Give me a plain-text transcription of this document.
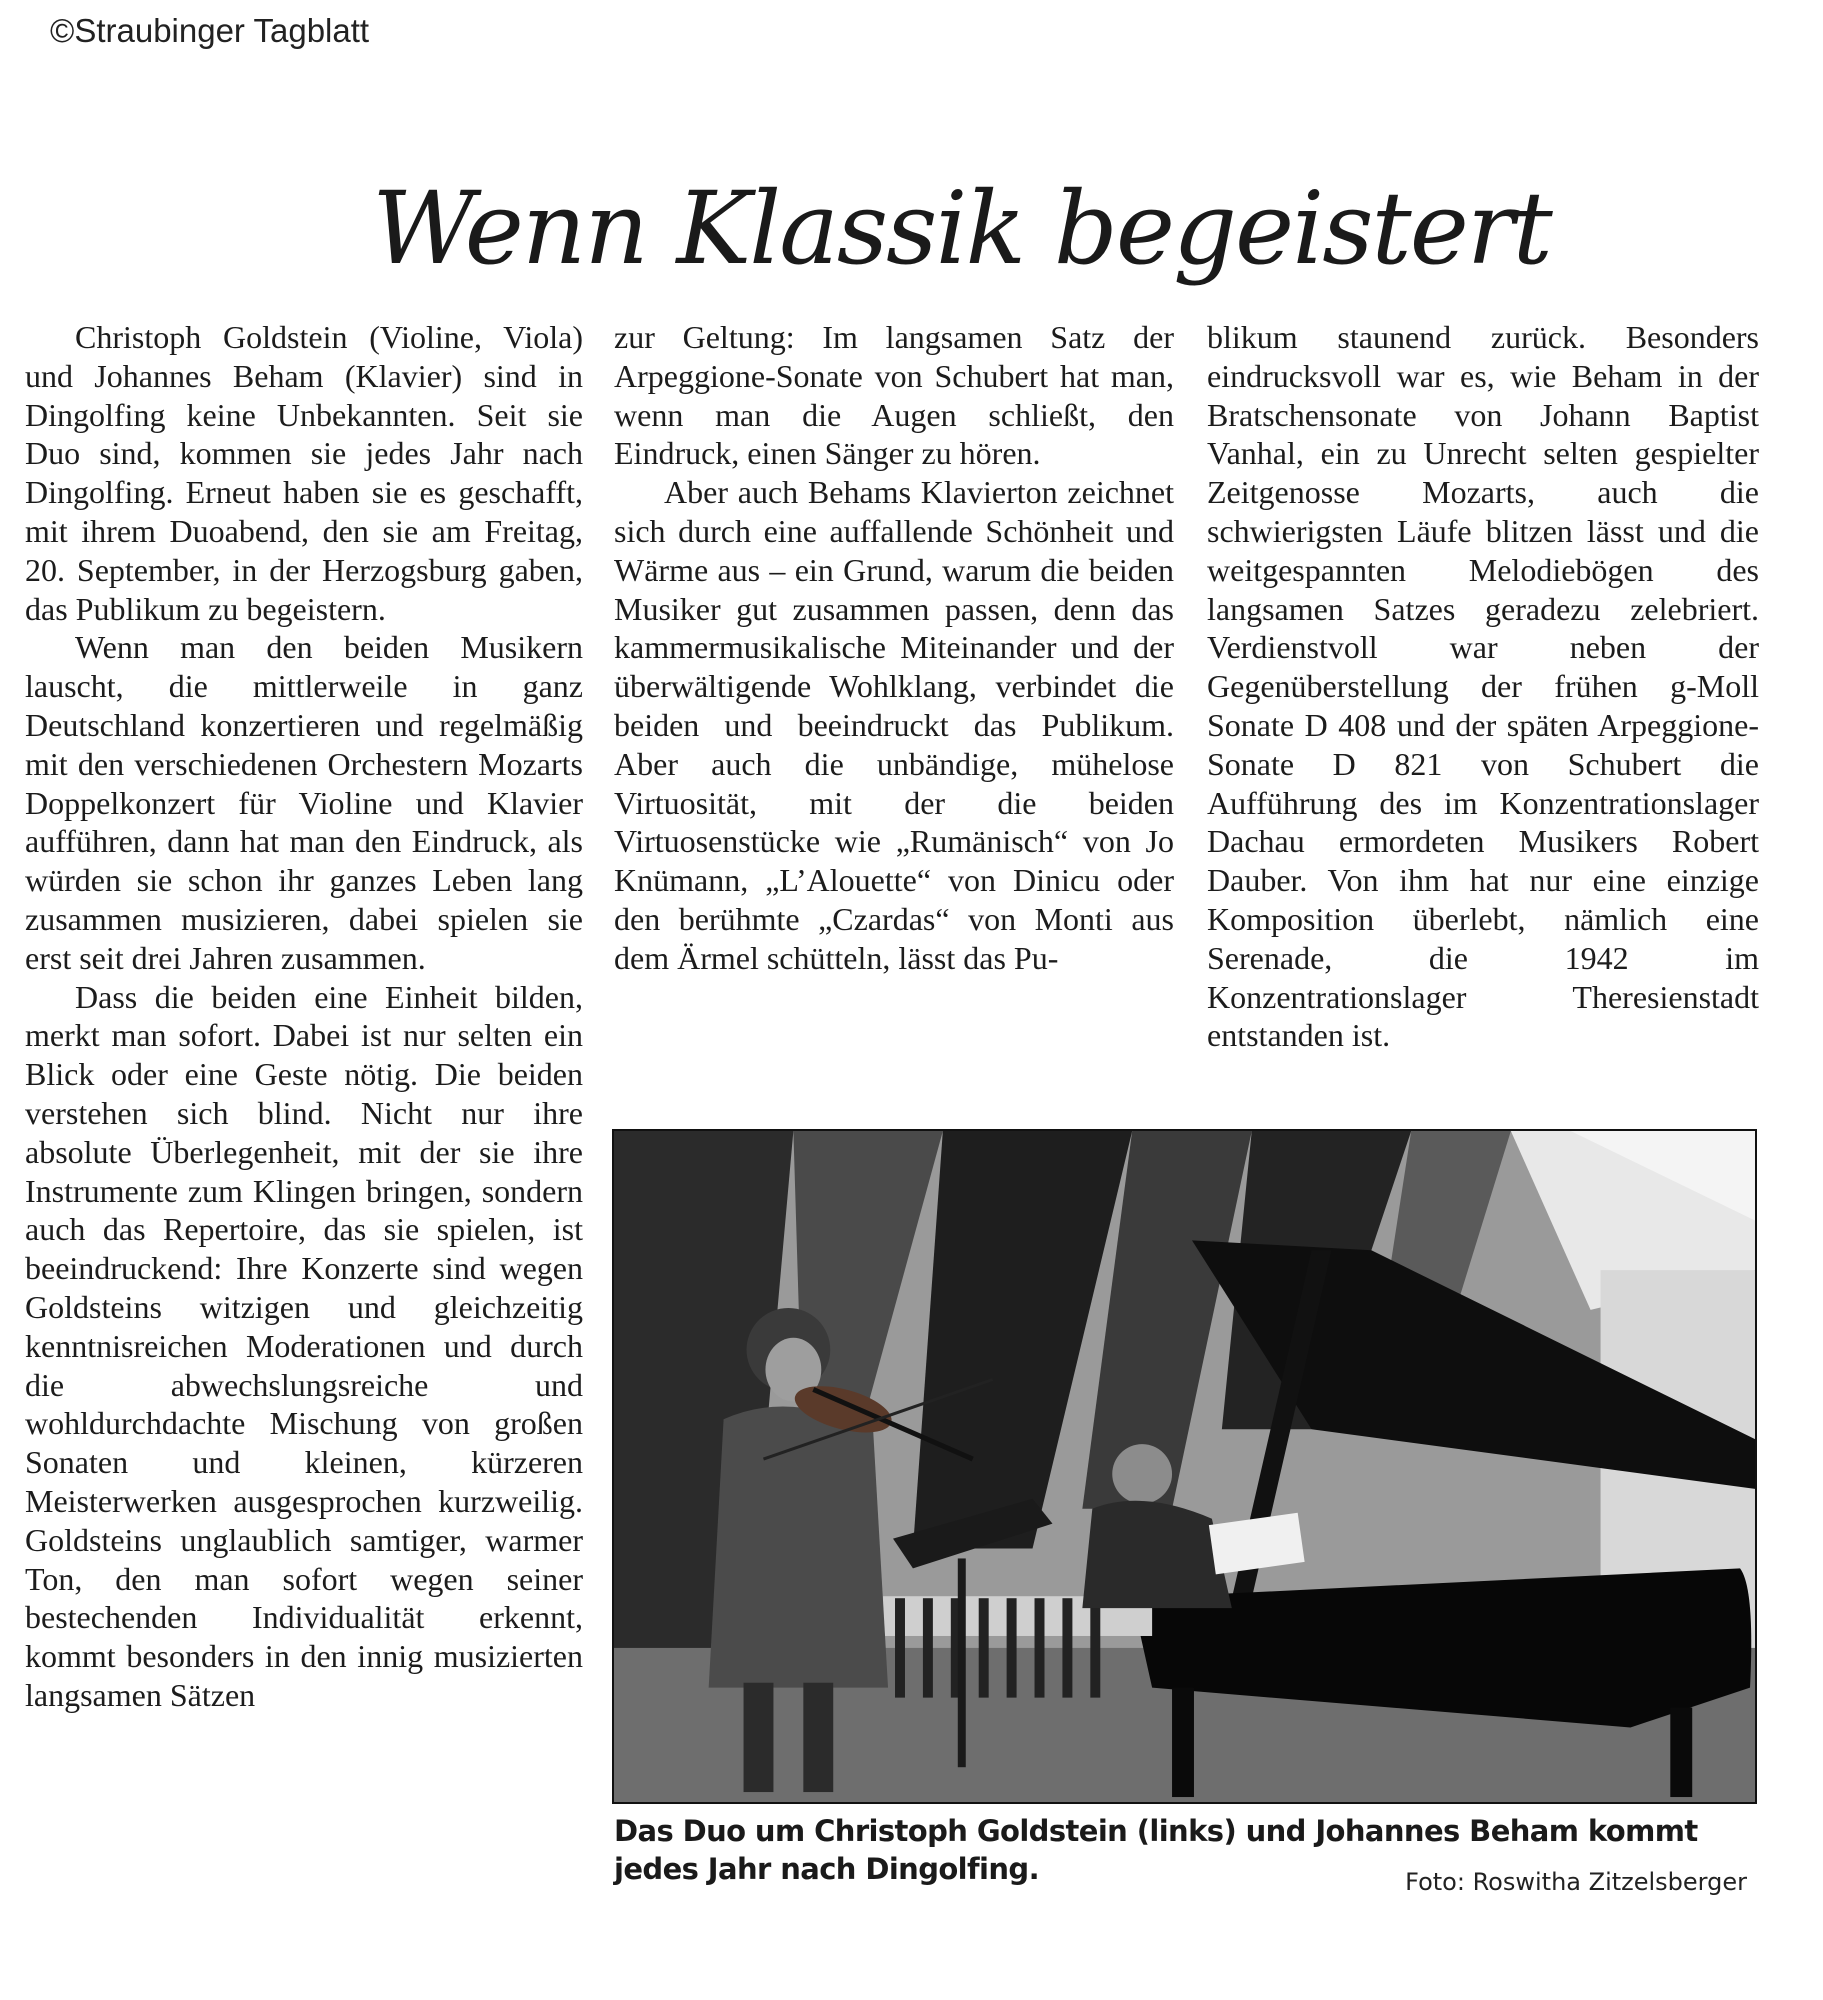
©Straubinger Tagblatt

Wenn Klassik begeistert

Christoph Goldstein (Violine, Viola) und Johannes Beham (Klavier) sind in Dingolfing keine Unbekannten. Seit sie Duo sind, kommen sie jedes Jahr nach Dingolfing. Erneut haben sie es geschafft, mit ihrem Duoabend, den sie am Freitag, 20. September, in der Herzogsburg gaben, das Publikum zu begeistern.

Wenn man den beiden Musikern lauscht, die mittlerweile in ganz Deutschland konzertieren und regelmäßig mit den verschiedenen Orchestern Mozarts Doppelkonzert für Violine und Klavier aufführen, dann hat man den Eindruck, als würden sie schon ihr ganzes Leben lang zusammen musizieren, dabei spielen sie erst seit drei Jahren zusammen.

Dass die beiden eine Einheit bilden, merkt man sofort. Dabei ist nur selten ein Blick oder eine Geste nötig. Die beiden verstehen sich blind. Nicht nur ihre absolute Überlegenheit, mit der sie ihre Instrumente zum Klingen bringen, sondern auch das Repertoire, das sie spielen, ist beeindruckend: Ihre Konzerte sind wegen Goldsteins witzigen und gleichzeitig kenntnisreichen Moderationen und durch die abwechslungsreiche und wohldurchdachte Mischung von großen Sonaten und kleinen, kürzeren Meisterwerken ausgesprochen kurzweilig. Goldsteins unglaublich samtiger, warmer Ton, den man sofort wegen seiner bestechenden Individualität erkennt, kommt besonders in den innig musizierten langsamen Sätzen

zur Geltung: Im langsamen Satz der Arpeggione-Sonate von Schubert hat man, wenn man die Augen schließt, den Eindruck, einen Sänger zu hören.

Aber auch Behams Klavierton zeichnet sich durch eine auffallende Schönheit und Wärme aus – ein Grund, warum die beiden Musiker gut zusammen passen, denn das kammermusikalische Miteinander und der überwältigende Wohlklang, verbindet die beiden und beeindruckt das Publikum. Aber auch die unbändige, mühelose Virtuosität, mit der die beiden Virtuosenstücke wie „Rumänisch“ von Jo Knümann, „L’Alouette“ von Dinicu oder den berühmte „Czardas“ von Monti aus dem Ärmel schütteln, lässt das Pu-

blikum staunend zurück. Besonders eindrucksvoll war es, wie Beham in der Bratschensonate von Johann Baptist Vanhal, ein zu Unrecht selten gespielter Zeitgenosse Mozarts, auch die schwierigsten Läufe blitzen lässt und die weitgespannten Melodiebögen des langsamen Satzes geradezu zelebriert. Verdienstvoll war neben der Gegenüberstellung der frühen g-Moll Sonate D 408 und der späten Arpeggione-Sonate D 821 von Schubert die Aufführung des im Konzentrationslager Dachau ermordeten Musikers Robert Dauber. Von ihm hat nur eine einzige Komposition überlebt, nämlich eine Serenade, die 1942 im Konzentrationslager Theresienstadt entstanden ist.

Das Duo um Christoph Goldstein (links) und Johannes Beham kommt jedes Jahr nach Dingolfing.	Foto: Roswitha Zitzelsberger
